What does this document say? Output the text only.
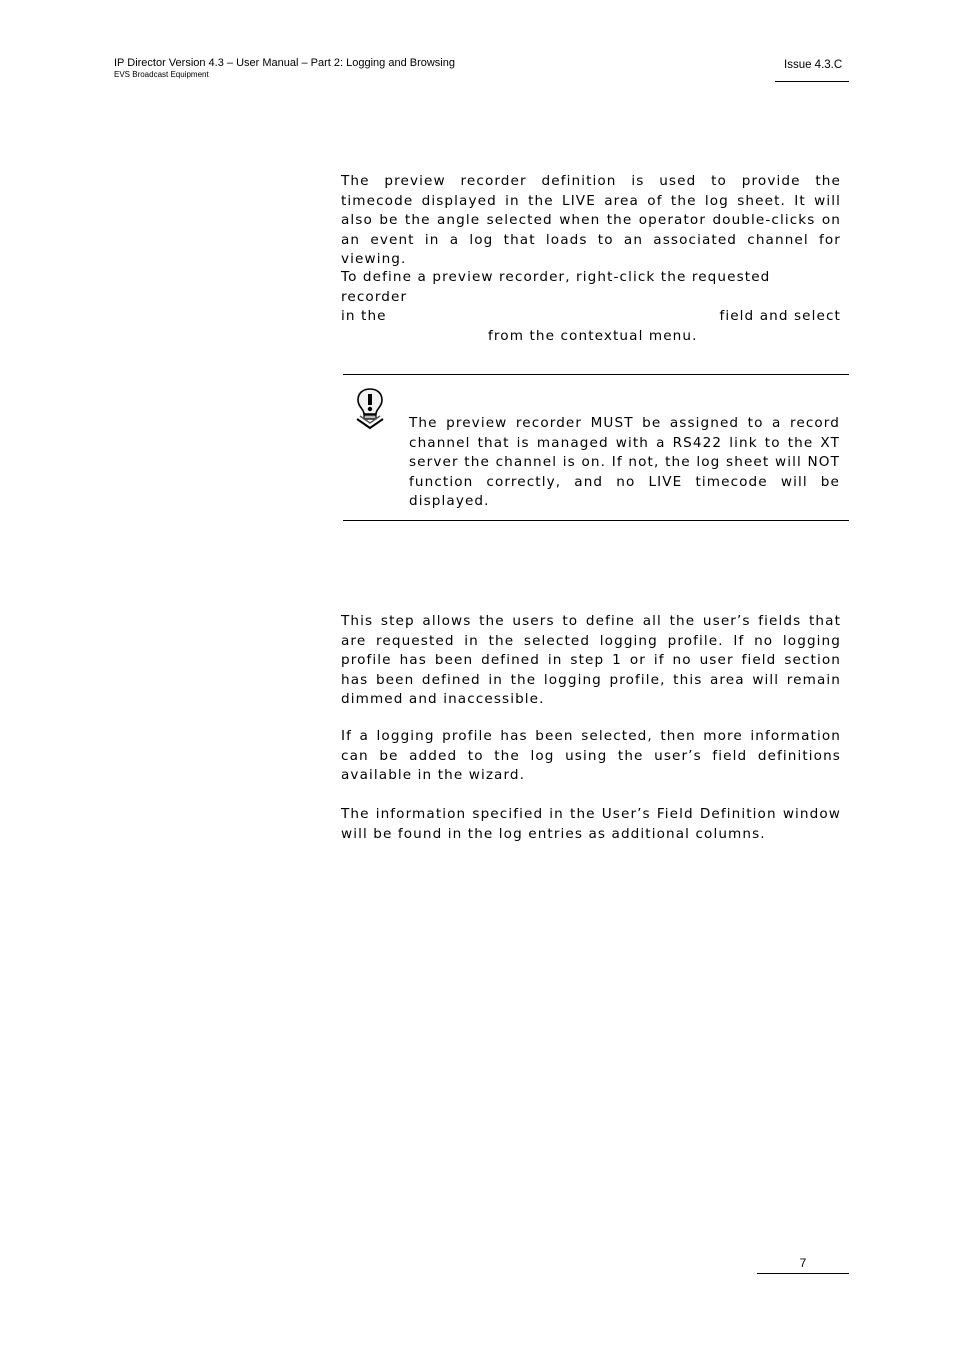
IP Director Version 4.3 – User Manual – Part 2: Logging and Browsing
EVS Broadcast Equipment
Issue 4.3.C

The preview recorder definition is used to provide the timecode displayed in the LIVE area of the log sheet. It will also be the angle selected when the operator double-clicks on an event in a log that loads to an associated channel for viewing.

To define a preview recorder, right-click the requested recorder
in the	field and select
from the contextual menu.

The preview recorder MUST be assigned to a record channel that is managed with a RS422 link to the XT server the channel is on. If not, the log sheet will NOT function correctly, and no LIVE timecode will be displayed.

This step allows the users to define all the user’s fields that are requested in the selected logging profile. If no logging profile has been defined in step 1 or if no user field section has been defined in the logging profile, this area will remain dimmed and inaccessible.

If a logging profile has been selected, then more information can be added to the log using the user’s field definitions available in the wizard.

The information specified in the User’s Field Definition window will be found in the log entries as additional columns.

7
